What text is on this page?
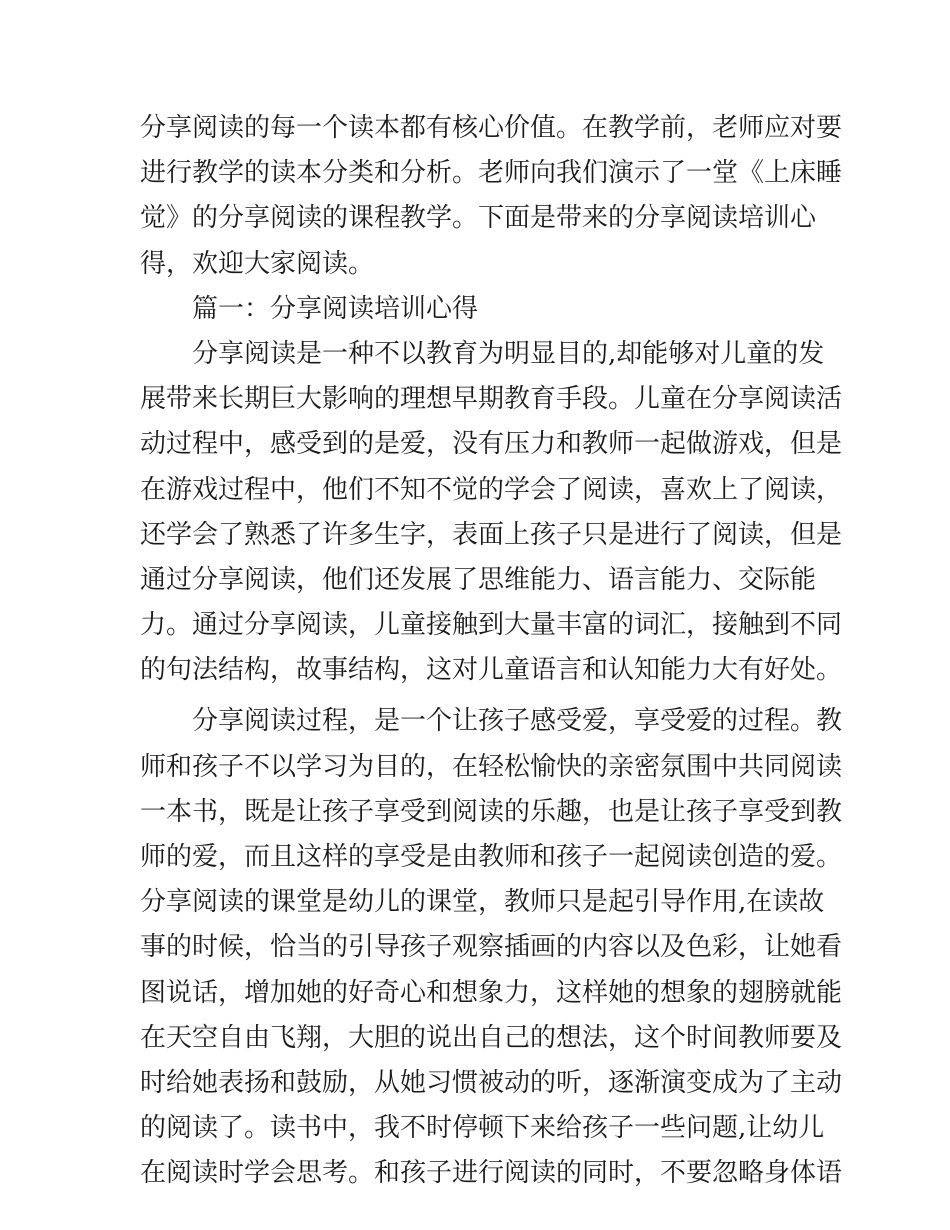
分享阅读的每一个读本都有核心价值。在教学前，老师应对要
进行教学的读本分类和分析。老师向我们演示了一堂《上床睡
觉》的分享阅读的课程教学。下面是带来的分享阅读培训心
得，欢迎大家阅读。
篇一：分享阅读培训心得
分享阅读是一种不以教育为明显目的,却能够对儿童的发
展带来长期巨大影响的理想早期教育手段。儿童在分享阅读活
动过程中，感受到的是爱，没有压力和教师一起做游戏，但是
在游戏过程中，他们不知不觉的学会了阅读，喜欢上了阅读，
还学会了熟悉了许多生字，表面上孩子只是进行了阅读，但是
通过分享阅读，他们还发展了思维能力、语言能力、交际能
力。通过分享阅读，儿童接触到大量丰富的词汇，接触到不同
的句法结构，故事结构，这对儿童语言和认知能力大有好处。
分享阅读过程，是一个让孩子感受爱，享受爱的过程。教
师和孩子不以学习为目的，在轻松愉快的亲密氛围中共同阅读
一本书，既是让孩子享受到阅读的乐趣，也是让孩子享受到教
师的爱，而且这样的享受是由教师和孩子一起阅读创造的爱。
分享阅读的课堂是幼儿的课堂，教师只是起引导作用,在读故
事的时候，恰当的引导孩子观察插画的内容以及色彩，让她看
图说话，增加她的好奇心和想象力，这样她的想象的翅膀就能
在天空自由飞翔，大胆的说出自己的想法，这个时间教师要及
时给她表扬和鼓励，从她习惯被动的听，逐渐演变成为了主动
的阅读了。读书中，我不时停顿下来给孩子一些问题,让幼儿
在阅读时学会思考。和孩子进行阅读的同时，不要忽略身体语
